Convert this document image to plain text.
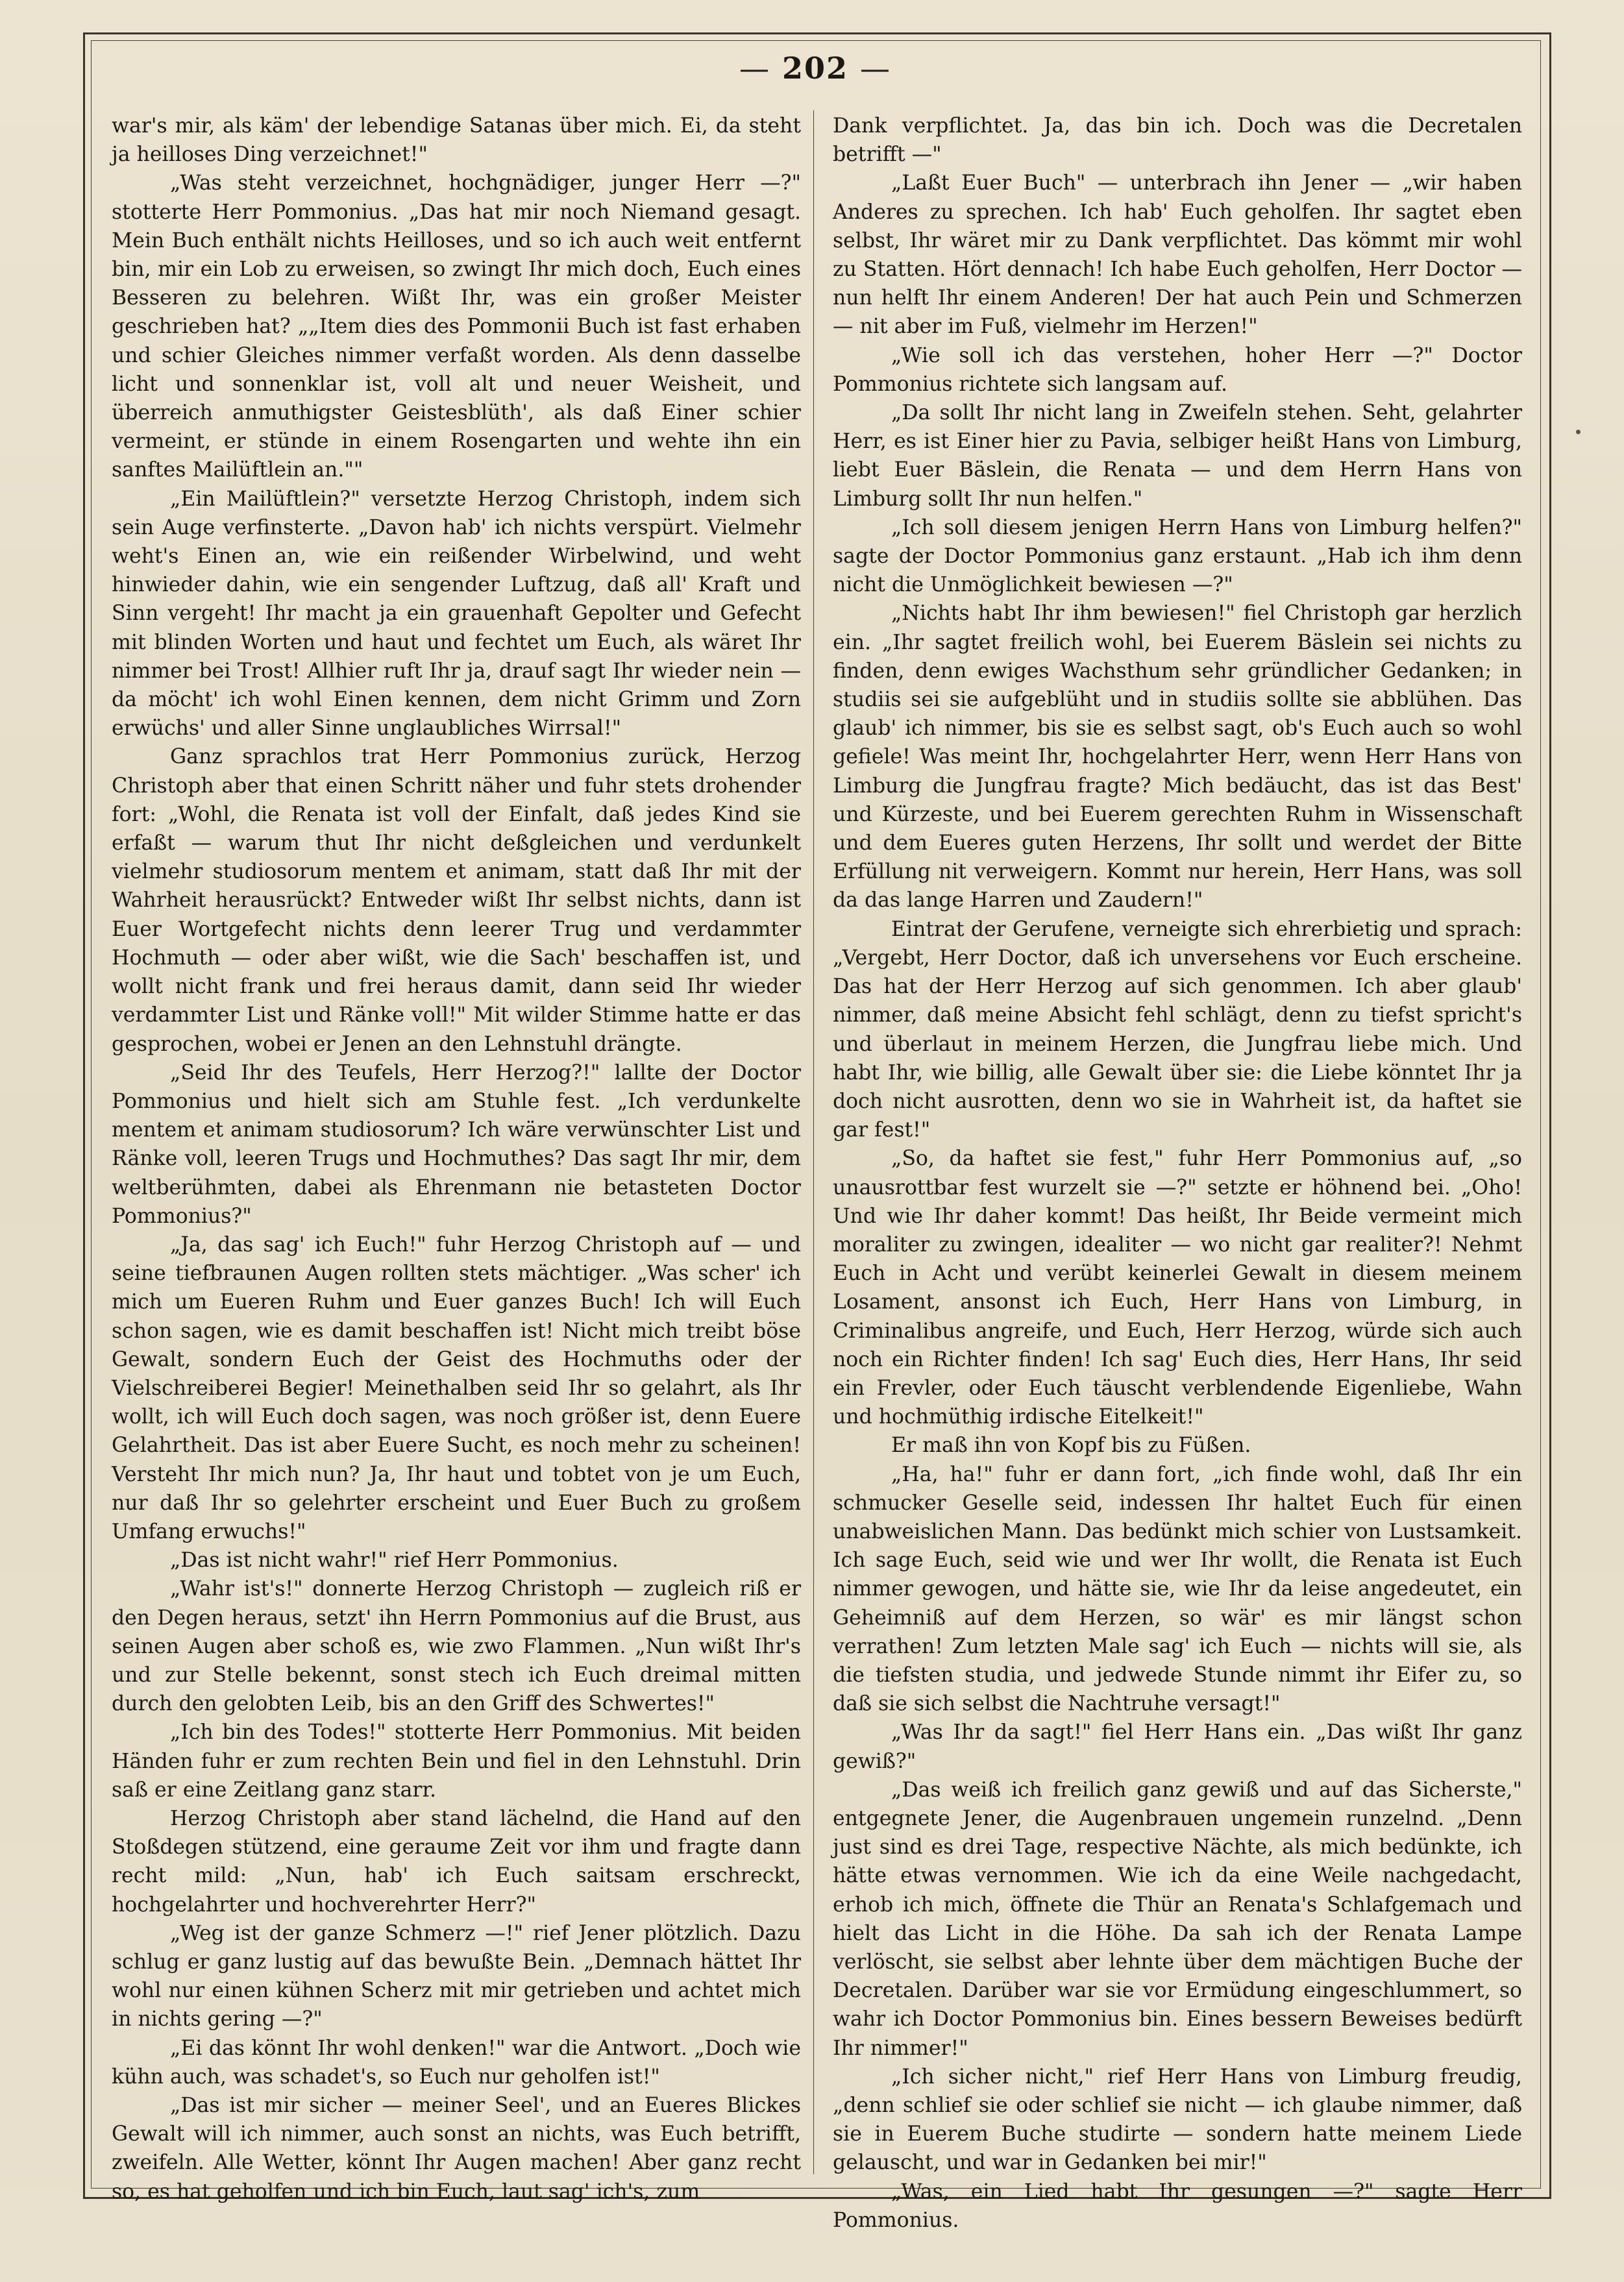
— 202 —

war's mir, als käm' der lebendige Satanas über mich. Ei, da steht ja heilloses Ding verzeichnet!"

„Was steht verzeichnet, hochgnädiger, junger Herr —?" stotterte Herr Pommonius. „Das hat mir noch Niemand gesagt. Mein Buch enthält nichts Heilloses, und so ich auch weit entfernt bin, mir ein Lob zu erweisen, so zwingt Ihr mich doch, Euch eines Besseren zu belehren. Wißt Ihr, was ein großer Meister geschrieben hat? „„Item dies des Pommonii Buch ist fast erhaben und schier Gleiches nimmer verfaßt worden. Als denn dasselbe licht und sonnenklar ist, voll alt und neuer Weisheit, und überreich anmuthigster Geistesblüth', als daß Einer schier vermeint, er stünde in einem Rosengarten und wehte ihn ein sanftes Mailüftlein an.""

„Ein Mailüftlein?" versetzte Herzog Christoph, indem sich sein Auge verfinsterte. „Davon hab' ich nichts verspürt. Vielmehr weht's Einen an, wie ein reißender Wirbelwind, und weht hinwieder dahin, wie ein sengender Luftzug, daß all' Kraft und Sinn vergeht! Ihr macht ja ein grauenhaft Gepolter und Gefecht mit blinden Worten und haut und fechtet um Euch, als wäret Ihr nimmer bei Trost! Allhier ruft Ihr ja, drauf sagt Ihr wieder nein — da möcht' ich wohl Einen kennen, dem nicht Grimm und Zorn erwüchs' und aller Sinne unglaubliches Wirrsal!"

Ganz sprachlos trat Herr Pommonius zurück, Herzog Christoph aber that einen Schritt näher und fuhr stets drohender fort: „Wohl, die Renata ist voll der Einfalt, daß jedes Kind sie erfaßt — warum thut Ihr nicht deßgleichen und verdunkelt vielmehr studiosorum mentem et animam, statt daß Ihr mit der Wahrheit herausrückt? Entweder wißt Ihr selbst nichts, dann ist Euer Wortgefecht nichts denn leerer Trug und verdammter Hochmuth — oder aber wißt, wie die Sach' beschaffen ist, und wollt nicht frank und frei heraus damit, dann seid Ihr wieder verdammter List und Ränke voll!" Mit wilder Stimme hatte er das gesprochen, wobei er Jenen an den Lehnstuhl drängte.

„Seid Ihr des Teufels, Herr Herzog?!" lallte der Doctor Pommonius und hielt sich am Stuhle fest. „Ich verdunkelte mentem et animam studiosorum? Ich wäre verwünschter List und Ränke voll, leeren Trugs und Hochmuthes? Das sagt Ihr mir, dem weltberühmten, dabei als Ehrenmann nie betasteten Doctor Pommonius?"

„Ja, das sag' ich Euch!" fuhr Herzog Christoph auf — und seine tiefbraunen Augen rollten stets mächtiger. „Was scher' ich mich um Eueren Ruhm und Euer ganzes Buch! Ich will Euch schon sagen, wie es damit beschaffen ist! Nicht mich treibt böse Gewalt, sondern Euch der Geist des Hochmuths oder der Vielschreiberei Begier! Meinethalben seid Ihr so gelahrt, als Ihr wollt, ich will Euch doch sagen, was noch größer ist, denn Euere Gelahrtheit. Das ist aber Euere Sucht, es noch mehr zu scheinen! Versteht Ihr mich nun? Ja, Ihr haut und tobtet von je um Euch, nur daß Ihr so gelehrter erscheint und Euer Buch zu großem Umfang erwuchs!"

„Das ist nicht wahr!" rief Herr Pommonius.

„Wahr ist's!" donnerte Herzog Christoph — zugleich riß er den Degen heraus, setzt' ihn Herrn Pommonius auf die Brust, aus seinen Augen aber schoß es, wie zwo Flammen. „Nun wißt Ihr's und zur Stelle bekennt, sonst stech ich Euch dreimal mitten durch den gelobten Leib, bis an den Griff des Schwertes!"

„Ich bin des Todes!" stotterte Herr Pommonius. Mit beiden Händen fuhr er zum rechten Bein und fiel in den Lehnstuhl. Drin saß er eine Zeitlang ganz starr.

Herzog Christoph aber stand lächelnd, die Hand auf den Stoßdegen stützend, eine geraume Zeit vor ihm und fragte dann recht mild: „Nun, hab' ich Euch saitsam erschreckt, hochgelahrter und hochverehrter Herr?"

„Weg ist der ganze Schmerz —!" rief Jener plötzlich. Dazu schlug er ganz lustig auf das bewußte Bein. „Demnach hättet Ihr wohl nur einen kühnen Scherz mit mir getrieben und achtet mich in nichts gering —?"

„Ei das könnt Ihr wohl denken!" war die Antwort. „Doch wie kühn auch, was schadet's, so Euch nur geholfen ist!"

„Das ist mir sicher — meiner Seel', und an Eueres Blickes Gewalt will ich nimmer, auch sonst an nichts, was Euch betrifft, zweifeln. Alle Wetter, könnt Ihr Augen machen! Aber ganz recht so, es hat geholfen und ich bin Euch, laut sag' ich's, zum

Dank verpflichtet. Ja, das bin ich. Doch was die Decretalen betrifft —"

„Laßt Euer Buch" — unterbrach ihn Jener — „wir haben Anderes zu sprechen. Ich hab' Euch geholfen. Ihr sagtet eben selbst, Ihr wäret mir zu Dank verpflichtet. Das kömmt mir wohl zu Statten. Hört dennach! Ich habe Euch geholfen, Herr Doctor — nun helft Ihr einem Anderen! Der hat auch Pein und Schmerzen — nit aber im Fuß, vielmehr im Herzen!"

„Wie soll ich das verstehen, hoher Herr —?" Doctor Pommonius richtete sich langsam auf.

„Da sollt Ihr nicht lang in Zweifeln stehen. Seht, gelahrter Herr, es ist Einer hier zu Pavia, selbiger heißt Hans von Limburg, liebt Euer Bäslein, die Renata — und dem Herrn Hans von Limburg sollt Ihr nun helfen."

„Ich soll diesem jenigen Herrn Hans von Limburg helfen?" sagte der Doctor Pommonius ganz erstaunt. „Hab ich ihm denn nicht die Unmöglichkeit bewiesen —?"

„Nichts habt Ihr ihm bewiesen!" fiel Christoph gar herzlich ein. „Ihr sagtet freilich wohl, bei Euerem Bäslein sei nichts zu finden, denn ewiges Wachsthum sehr gründlicher Gedanken; in studiis sei sie aufgeblüht und in studiis sollte sie abblühen. Das glaub' ich nimmer, bis sie es selbst sagt, ob's Euch auch so wohl gefiele! Was meint Ihr, hochgelahrter Herr, wenn Herr Hans von Limburg die Jungfrau fragte? Mich bedäucht, das ist das Best' und Kürzeste, und bei Euerem gerechten Ruhm in Wissenschaft und dem Eueres guten Herzens, Ihr sollt und werdet der Bitte Erfüllung nit verweigern. Kommt nur herein, Herr Hans, was soll da das lange Harren und Zaudern!"

Eintrat der Gerufene, verneigte sich ehrerbietig und sprach: „Vergebt, Herr Doctor, daß ich unversehens vor Euch erscheine. Das hat der Herr Herzog auf sich genommen. Ich aber glaub' nimmer, daß meine Absicht fehl schlägt, denn zu tiefst spricht's und überlaut in meinem Herzen, die Jungfrau liebe mich. Und habt Ihr, wie billig, alle Gewalt über sie: die Liebe könntet Ihr ja doch nicht ausrotten, denn wo sie in Wahrheit ist, da haftet sie gar fest!"

„So, da haftet sie fest," fuhr Herr Pommonius auf, „so unausrottbar fest wurzelt sie —?" setzte er höhnend bei. „Oho! Und wie Ihr daher kommt! Das heißt, Ihr Beide vermeint mich moraliter zu zwingen, idealiter — wo nicht gar realiter?! Nehmt Euch in Acht und verübt keinerlei Gewalt in diesem meinem Losament, ansonst ich Euch, Herr Hans von Limburg, in Criminalibus angreife, und Euch, Herr Herzog, würde sich auch noch ein Richter finden! Ich sag' Euch dies, Herr Hans, Ihr seid ein Frevler, oder Euch täuscht verblendende Eigenliebe, Wahn und hochmüthig irdische Eitelkeit!"

Er maß ihn von Kopf bis zu Füßen.

„Ha, ha!" fuhr er dann fort, „ich finde wohl, daß Ihr ein schmucker Geselle seid, indessen Ihr haltet Euch für einen unabweislichen Mann. Das bedünkt mich schier von Lustsamkeit. Ich sage Euch, seid wie und wer Ihr wollt, die Renata ist Euch nimmer gewogen, und hätte sie, wie Ihr da leise angedeutet, ein Geheimniß auf dem Herzen, so wär' es mir längst schon verrathen! Zum letzten Male sag' ich Euch — nichts will sie, als die tiefsten studia, und jedwede Stunde nimmt ihr Eifer zu, so daß sie sich selbst die Nachtruhe versagt!"

„Was Ihr da sagt!" fiel Herr Hans ein. „Das wißt Ihr ganz gewiß?"

„Das weiß ich freilich ganz gewiß und auf das Sicherste," entgegnete Jener, die Augenbrauen ungemein runzelnd. „Denn just sind es drei Tage, respective Nächte, als mich bedünkte, ich hätte etwas vernommen. Wie ich da eine Weile nachgedacht, erhob ich mich, öffnete die Thür an Renata's Schlafgemach und hielt das Licht in die Höhe. Da sah ich der Renata Lampe verlöscht, sie selbst aber lehnte über dem mächtigen Buche der Decretalen. Darüber war sie vor Ermüdung eingeschlummert, so wahr ich Doctor Pommonius bin. Eines bessern Beweises bedürft Ihr nimmer!"

„Ich sicher nicht," rief Herr Hans von Limburg freudig, „denn schlief sie oder schlief sie nicht — ich glaube nimmer, daß sie in Euerem Buche studirte — sondern hatte meinem Liede gelauscht, und war in Gedanken bei mir!"

„Was, ein Lied habt Ihr gesungen —?" sagte Herr Pommonius.
